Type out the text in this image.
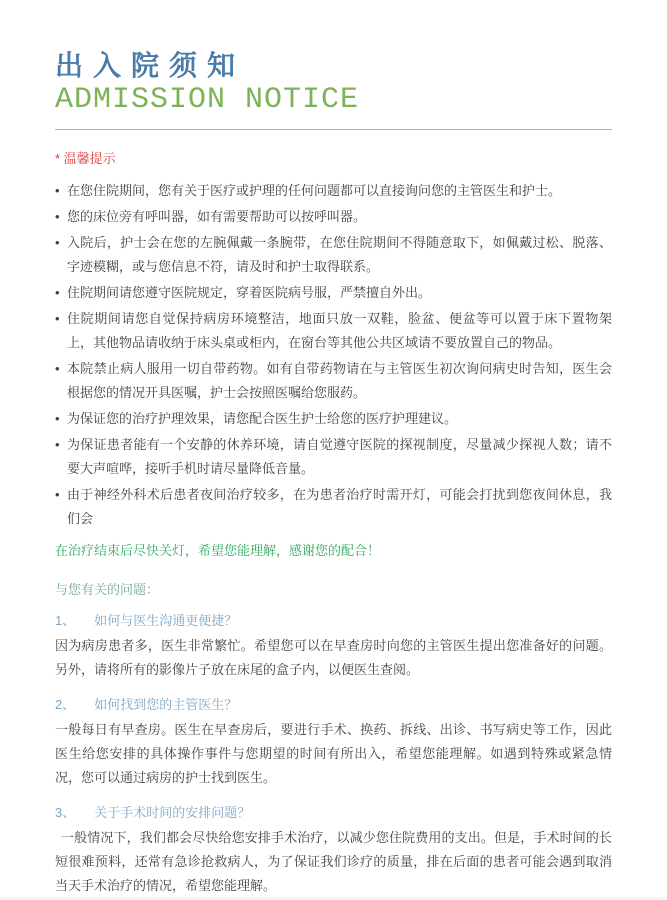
出入院须知
ADMISSION NOTICE
* 温馨提示
• 在您住院期间，您有关于医疗或护理的任何问题都可以直接询问您的主管医生和护士。
• 您的床位旁有呼叫器，如有需要帮助可以按呼叫器。
• 入院后，护士会在您的左腕佩戴一条腕带，在您住院期间不得随意取下，如佩戴过松、脱落、字迹模糊，或与您信息不符，请及时和护士取得联系。
• 住院期间请您遵守医院规定，穿着医院病号服，严禁擅自外出。
• 住院期间请您自觉保持病房环境整洁，地面只放一双鞋，脸盆、便盆等可以置于床下置物架上，其他物品请收纳于床头桌或柜内，在窗台等其他公共区域请不要放置自己的物品。
• 本院禁止病人服用一切自带药物。如有自带药物请在与主管医生初次询问病史时告知，医生会根据您的情况开具医嘱，护士会按照医嘱给您服药。
• 为保证您的治疗护理效果，请您配合医生护士给您的医疗护理建议。
• 为保证患者能有一个安静的休养环境，请自觉遵守医院的探视制度，尽量减少探视人数；请不要大声喧哗，接听手机时请尽量降低音量。
• 由于神经外科术后患者夜间治疗较多，在为患者治疗时需开灯，可能会打扰到您夜间休息，我们会

在治疗结束后尽快关灯，希望您能理解，感谢您的配合！

与您有关的问题：
1、 如何与医生沟通更便捷？

因为病房患者多，医生非常繁忙。希望您可以在早查房时向您的主管医生提出您准备好的问题。另外，请将所有的影像片子放在床尾的盒子内，以便医生查阅。

2、 如何找到您的主管医生？

一般每日有早查房。医生在早查房后，要进行手术、换药、拆线、出诊、书写病史等工作，因此医生给您安排的具体操作事件与您期望的时间有所出入，希望您能理解。如遇到特殊或紧急情况，您可以通过病房的护士找到医生。

3、 关于手术时间的安排问题？

一般情况下，我们都会尽快给您安排手术治疗，以减少您住院费用的支出。但是，手术时间的长短很难预料，还常有急诊抢救病人，为了保证我们诊疗的质量，排在后面的患者可能会遇到取消当天手术治疗的情况，希望您能理解。
